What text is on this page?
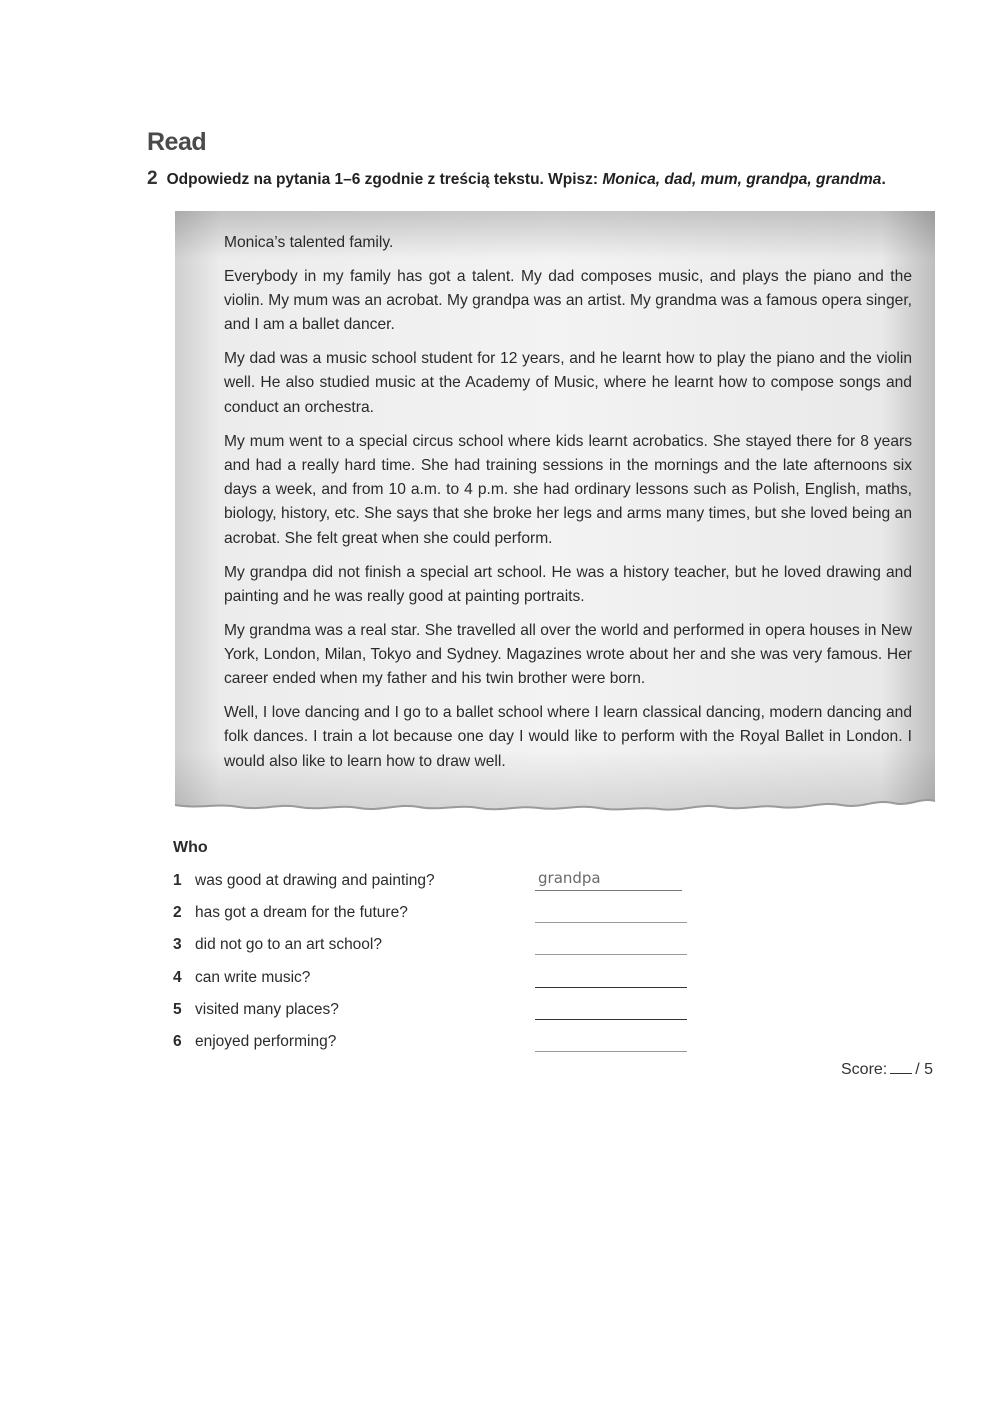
Read
2 Odpowiedz na pytania 1–6 zgodnie z treścią tekstu. Wpisz: Monica, dad, mum, grandpa, grandma.

Monica’s talented family.

Everybody in my family has got a talent. My dad composes music, and plays the piano and the violin. My mum was an acrobat. My grandpa was an artist. My grandma was a famous opera singer, and I am a ballet dancer.

My dad was a music school student for 12 years, and he learnt how to play the piano and the violin well. He also studied music at the Academy of Music, where he learnt how to compose songs and conduct an orchestra.

My mum went to a special circus school where kids learnt acrobatics. She stayed there for 8 years and had a really hard time. She had training sessions in the mornings and the late afternoons six days a week, and from 10 a.m. to 4 p.m. she had ordinary lessons such as Polish, English, maths, biology, history, etc. She says that she broke her legs and arms many times, but she loved being an acrobat. She felt great when she could perform.

My grandpa did not finish a special art school. He was a history teacher, but he loved drawing and painting and he was really good at painting portraits.

My grandma was a real star. She travelled all over the world and performed in opera houses in New York, London, Milan, Tokyo and Sydney. Magazines wrote about her and she was very famous. Her career ended when my father and his twin brother were born.

Well, I love dancing and I go to a ballet school where I learn classical dancing, modern dancing and folk dances. I train a lot because one day I would like to perform with the Royal Ballet in London. I would also like to learn how to draw well.

Who
1 was good at drawing and painting?	grandpa
2 has got a dream for the future?
3 did not go to an art school?
4 can write music?
5 visited many places?
6 enjoyed performing?
Score: / 5
